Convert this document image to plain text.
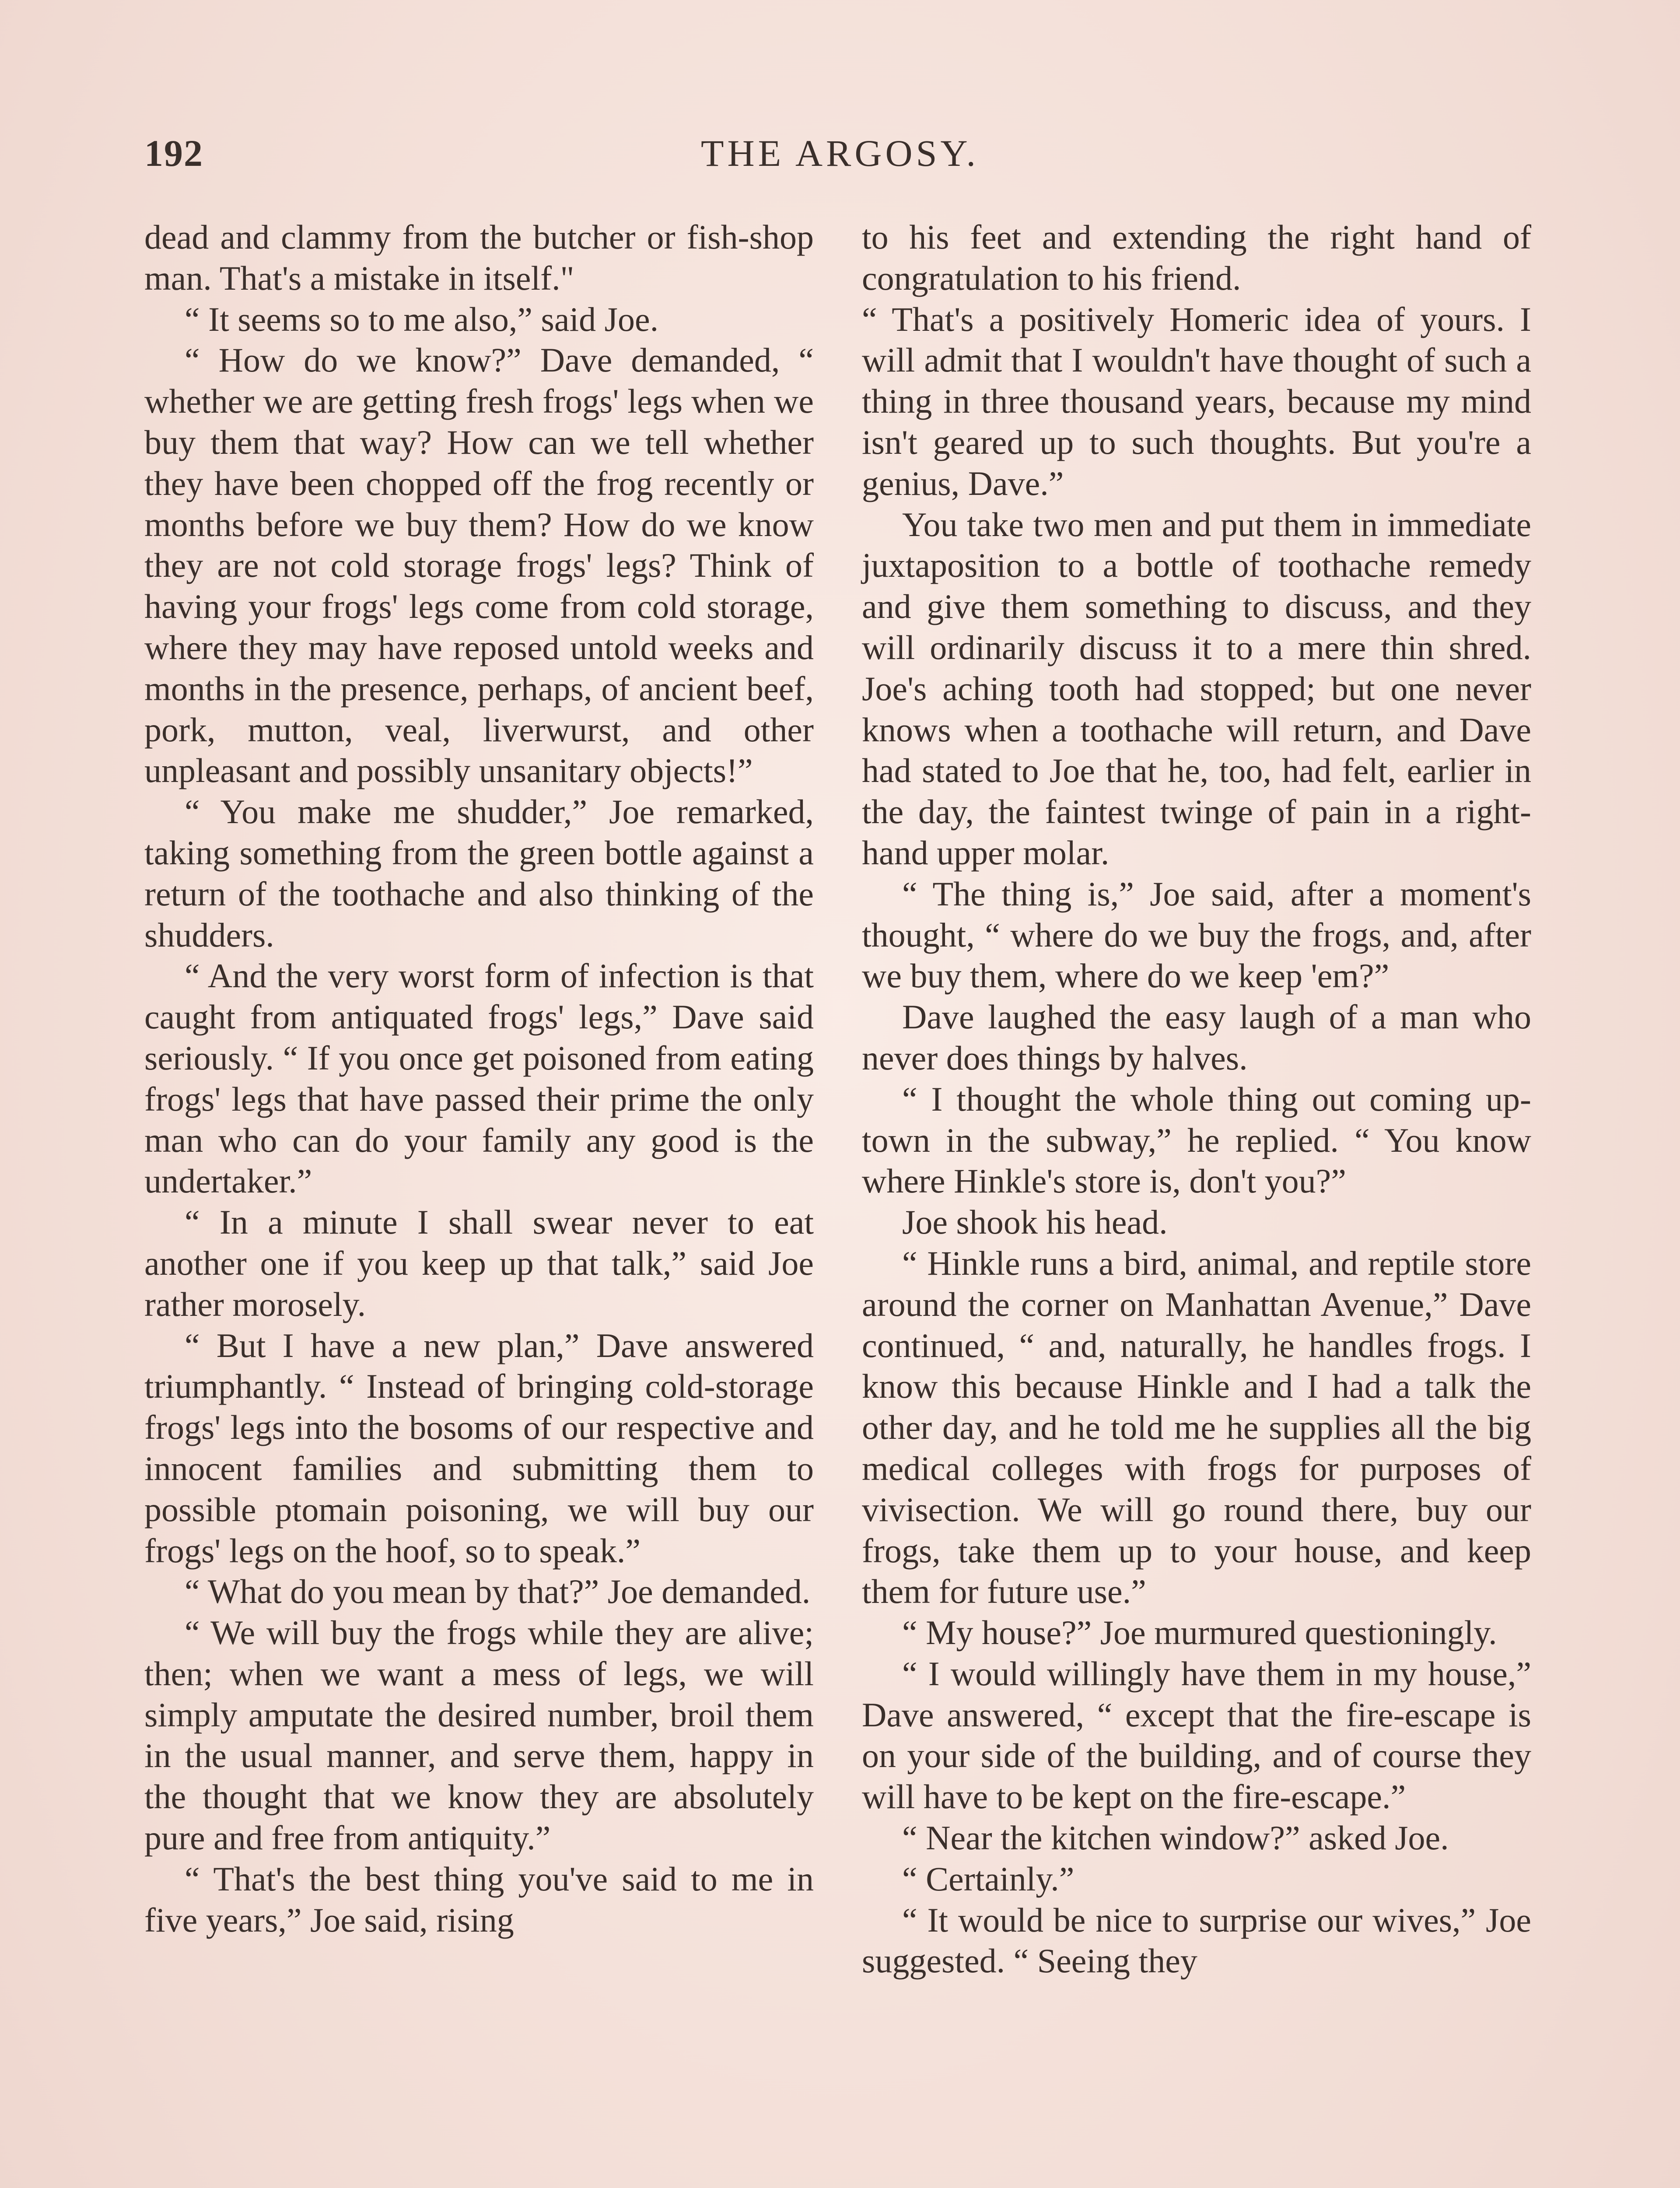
192	THE ARGOSY.

dead and clammy from the butcher or fish-shop man. That's a mistake in itself."

“ It seems so to me also,” said Joe.

“ How do we know?” Dave demanded, “ whether we are getting fresh frogs' legs when we buy them that way? How can we tell whether they have been chopped off the frog recently or months before we buy them? How do we know they are not cold storage frogs' legs? Think of having your frogs' legs come from cold storage, where they may have reposed untold weeks and months in the presence, perhaps, of ancient beef, pork, mutton, veal, liverwurst, and other unpleasant and possibly unsanitary objects!”

“ You make me shudder,” Joe remarked, taking something from the green bottle against a return of the toothache and also thinking of the shudders.

“ And the very worst form of infection is that caught from antiquated frogs' legs,” Dave said seriously. “ If you once get poisoned from eating frogs' legs that have passed their prime the only man who can do your family any good is the undertaker.”

“ In a minute I shall swear never to eat another one if you keep up that talk,” said Joe rather morosely.

“ But I have a new plan,” Dave answered triumphantly. “ Instead of bringing cold-storage frogs' legs into the bosoms of our respective and innocent families and submitting them to possible ptomain poisoning, we will buy our frogs' legs on the hoof, so to speak.”

“ What do you mean by that?” Joe demanded.

“ We will buy the frogs while they are alive; then; when we want a mess of legs, we will simply amputate the desired number, broil them in the usual manner, and serve them, happy in the thought that we know they are absolutely pure and free from antiquity.”

“ That's the best thing you've said to me in five years,” Joe said, rising

to his feet and extending the right hand of congratulation to his friend.

“ That's a positively Homeric idea of yours. I will admit that I wouldn't have thought of such a thing in three thousand years, because my mind isn't geared up to such thoughts. But you're a genius, Dave.”

You take two men and put them in immediate juxtaposition to a bottle of toothache remedy and give them something to discuss, and they will ordinarily discuss it to a mere thin shred. Joe's aching tooth had stopped; but one never knows when a toothache will return, and Dave had stated to Joe that he, too, had felt, earlier in the day, the faintest twinge of pain in a right-hand upper molar.

“ The thing is,” Joe said, after a moment's thought, “ where do we buy the frogs, and, after we buy them, where do we keep 'em?”

Dave laughed the easy laugh of a man who never does things by halves.

“ I thought the whole thing out coming up-town in the subway,” he replied. “ You know where Hinkle's store is, don't you?”

Joe shook his head.

“ Hinkle runs a bird, animal, and reptile store around the corner on Manhattan Avenue,” Dave continued, “ and, naturally, he handles frogs. I know this because Hinkle and I had a talk the other day, and he told me he supplies all the big medical colleges with frogs for purposes of vivisection. We will go round there, buy our frogs, take them up to your house, and keep them for future use.”

“ My house?” Joe murmured questioningly.

“ I would willingly have them in my house,” Dave answered, “ except that the fire-escape is on your side of the building, and of course they will have to be kept on the fire-escape.”

“ Near the kitchen window?” asked Joe.

“ Certainly.”

“ It would be nice to surprise our wives,” Joe suggested. “ Seeing they
